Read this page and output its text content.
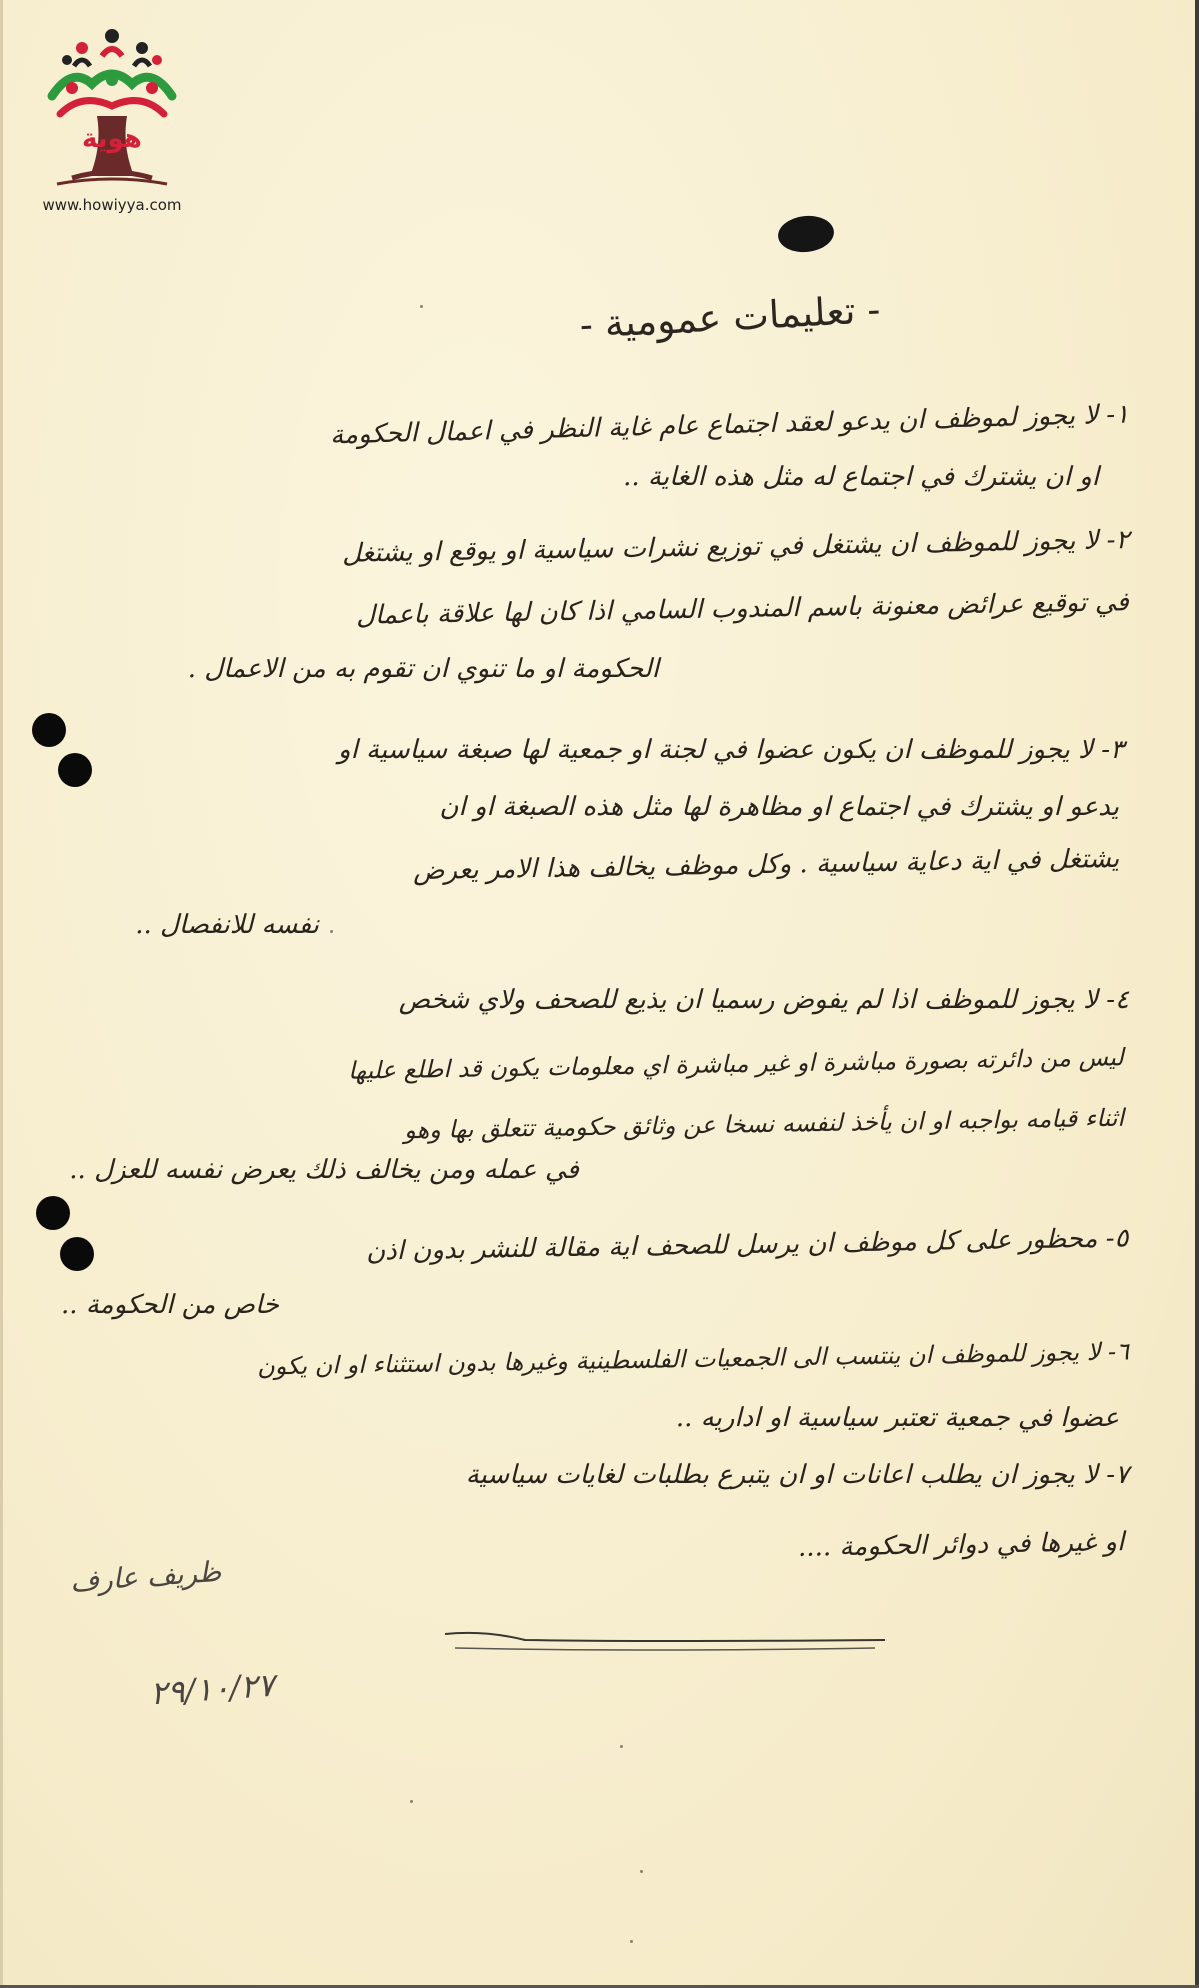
هوية
www.howiyya.com
- تعليمات عمومية -
١- لا يجوز لموظف ان يدعو لعقد اجتماع عام غاية النظر في اعمال الحكومة
او ان يشترك في اجتماع له مثل هذه الغاية ..
٢- لا يجوز للموظف ان يشتغل في توزيع نشرات سياسية او يوقع او يشتغل
في توقيع عرائض معنونة باسم المندوب السامي اذا كان لها علاقة باعمال
الحكومة او ما تنوي ان تقوم به من الاعمال .
٣- لا يجوز للموظف ان يكون عضوا في لجنة او جمعية لها صبغة سياسية او
يدعو او يشترك في اجتماع او مظاهرة لها مثل هذه الصبغة او ان
يشتغل في اية دعاية سياسية . وكل موظف يخالف هذا الامر يعرض
نفسه للانفصال ..
٤- لا يجوز للموظف اذا لم يفوض رسميا ان يذيع للصحف ولاي شخص
ليس من دائرته بصورة مباشرة او غير مباشرة اي معلومات يكون قد اطلع عليها
اثناء قيامه بواجبه او ان يأخذ لنفسه نسخا عن وثائق حكومية تتعلق بها وهو
في عمله ومن يخالف ذلك يعرض نفسه للعزل ..
٥- محظور على كل موظف ان يرسل للصحف اية مقالة للنشر بدون اذن
خاص من الحكومة ..
٦- لا يجوز للموظف ان ينتسب الى الجمعيات الفلسطينية وغيرها بدون استثناء او ان يكون
عضوا في جمعية تعتبر سياسية او اداريه ..
٧- لا يجوز ان يطلب اعانات او ان يتبرع بطلبات لغايات سياسية
او غيرها في دوائر الحكومة ....
ظريف عارف
٢٩/١٠/٢٧
